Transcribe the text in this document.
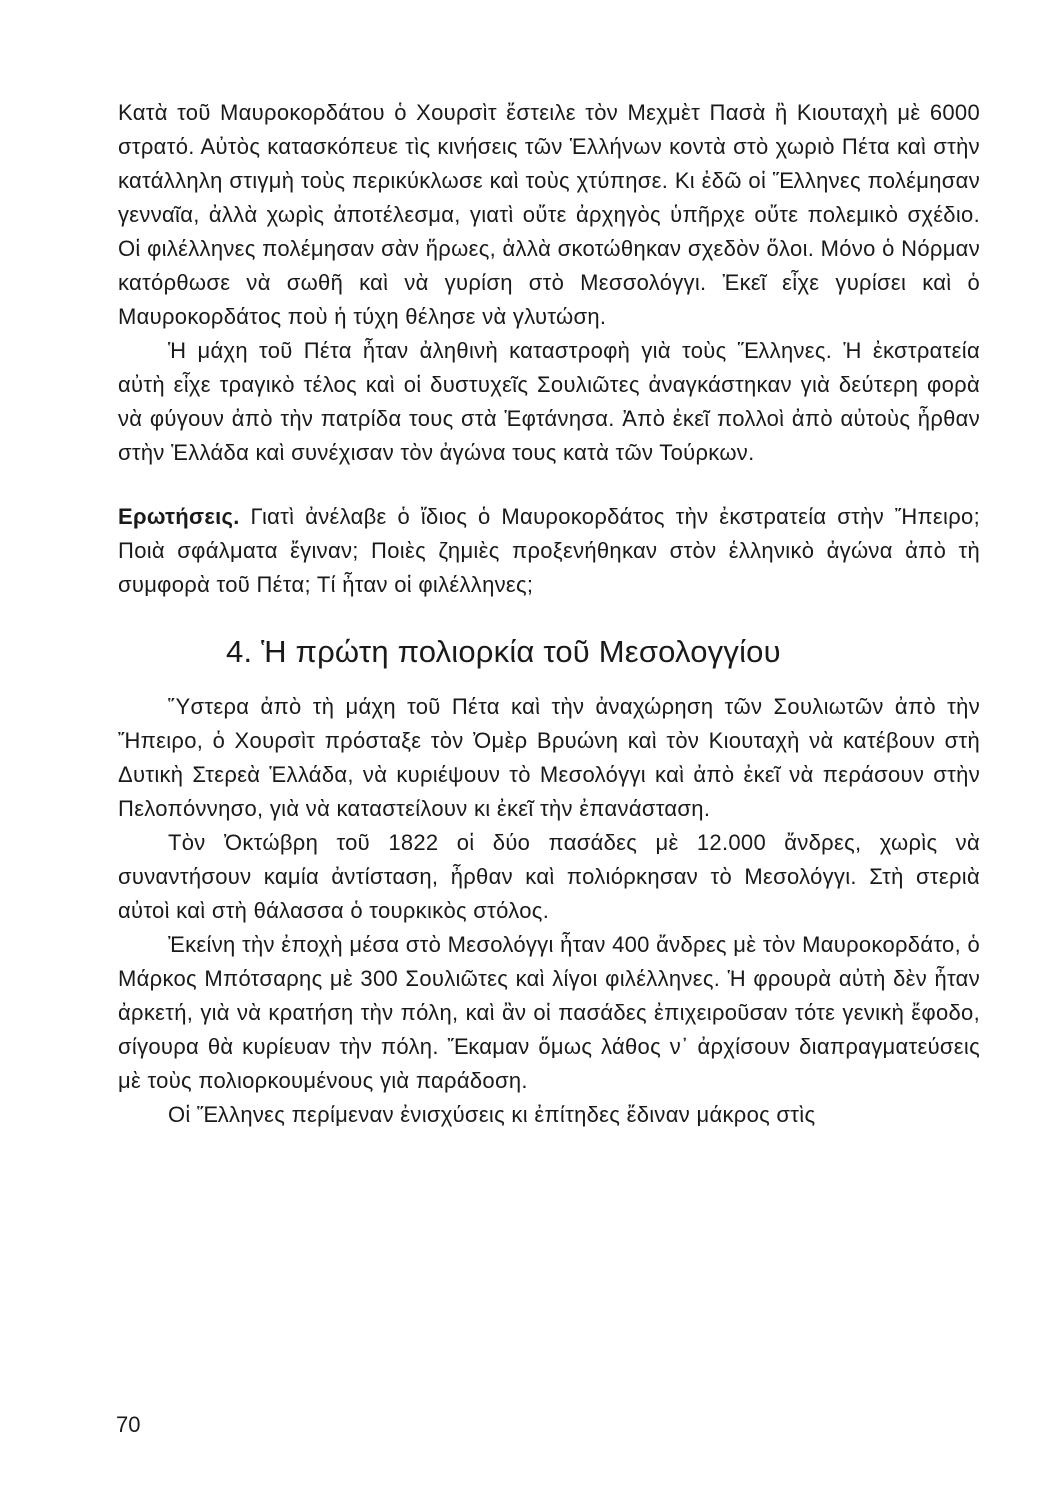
Κατὰ τοῦ Μαυροκορδάτου ὁ Χουρσὶτ ἔστειλε τὸν Μεχμὲτ Πασὰ ἢ Κιουταχὴ μὲ 6000 στρατό. Αὐτὸς κατασκόπευε τὶς κινήσεις τῶν Ἑλλήνων κοντὰ στὸ χωριὸ Πέτα καὶ στὴν κατάλληλη στιγμὴ τοὺς περικύκλωσε καὶ τοὺς χτύπησε. Κι ἐδῶ οἱ Ἕλληνες πολέμησαν γενναῖα, ἀλλὰ χωρὶς ἀποτέλεσμα, γιατὶ οὔτε ἀρχηγὸς ὑπῆρχε οὔτε πολεμικὸ σχέδιο. Οἱ φιλέλληνες πολέμησαν σὰν ἥρωες, ἀλλὰ σκοτώθηκαν σχεδὸν ὅλοι. Μόνο ὁ Νόρμαν κατόρθωσε νὰ σωθῆ καὶ νὰ γυρίση στὸ Μεσσολόγγι. Ἐκεῖ εἶχε γυρίσει καὶ ὁ Μαυροκορδάτος ποὺ ἡ τύχη θέλησε νὰ γλυτώση.

Ἡ μάχη τοῦ Πέτα ἦταν ἀληθινὴ καταστροφὴ γιὰ τοὺς Ἕλληνες. Ἡ ἐκστρατεία αὐτὴ εἶχε τραγικὸ τέλος καὶ οἱ δυστυχεῖς Σουλιῶτες ἀναγκάστηκαν γιὰ δεύτερη φορὰ νὰ φύγουν ἀπὸ τὴν πατρίδα τους στὰ Ἑφτάνησα. Ἀπὸ ἐκεῖ πολλοὶ ἀπὸ αὐτοὺς ἦρθαν στὴν Ἑλλάδα καὶ συνέχισαν τὸν ἀγώνα τους κατὰ τῶν Τούρκων.

Ερωτήσεις. Γιατὶ ἀνέλαβε ὁ ἴδιος ὁ Μαυροκορδάτος τὴν ἐκστρατεία στὴν Ἤπειρο; Ποιὰ σφάλματα ἔγιναν; Ποιὲς ζημιὲς προξενήθηκαν στὸν ἑλληνικὸ ἀγώνα ἀπὸ τὴ συμφορὰ τοῦ Πέτα; Τί ἦταν οἱ φιλέλληνες;

4. Ἡ πρώτη πολιορκία τοῦ Μεσολογγίου

Ὕστερα ἀπὸ τὴ μάχη τοῦ Πέτα καὶ τὴν ἀναχώρηση τῶν Σουλιωτῶν ἀπὸ τὴν Ἤπειρο, ὁ Χουρσὶτ πρόσταξε τὸν Ὀμὲρ Βρυώνη καὶ τὸν Κιουταχὴ νὰ κατέβουν στὴ Δυτικὴ Στερεὰ Ἑλλάδα, νὰ κυριέψουν τὸ Μεσολόγγι καὶ ἀπὸ ἐκεῖ νὰ περάσουν στὴν Πελοπόννησο, γιὰ νὰ καταστείλουν κι ἐκεῖ τὴν ἐπανάσταση.

Τὸν Ὀκτώβρη τοῦ 1822 οἱ δύο πασάδες μὲ 12.000 ἄνδρες, χωρὶς νὰ συναντήσουν καμία ἀντίσταση, ἦρθαν καὶ πολιόρκησαν τὸ Μεσολόγγι. Στὴ στεριὰ αὐτοὶ καὶ στὴ θάλασσα ὁ τουρκικὸς στόλος.

Ἐκείνη τὴν ἐποχὴ μέσα στὸ Μεσολόγγι ἦταν 400 ἄνδρες μὲ τὸν Μαυροκορδάτο, ὁ Μάρκος Μπότσαρης μὲ 300 Σουλιῶτες καὶ λίγοι φιλέλληνες. Ἡ φρουρὰ αὐτὴ δὲν ἦταν ἀρκετή, γιὰ νὰ κρατήση τὴν πόλη, καὶ ἂν οἱ πασάδες ἐπιχειροῦσαν τότε γενικὴ ἔφοδο, σίγουρα θὰ κυρίευαν τὴν πόλη. Ἔκαμαν ὅμως λάθος ν᾽ ἀρχίσουν διαπραγματεύσεις μὲ τοὺς πολιορκουμένους γιὰ παράδοση.

Οἱ Ἕλληνες περίμεναν ἐνισχύσεις κι ἐπίτηδες ἔδιναν μάκρος στὶς

70
